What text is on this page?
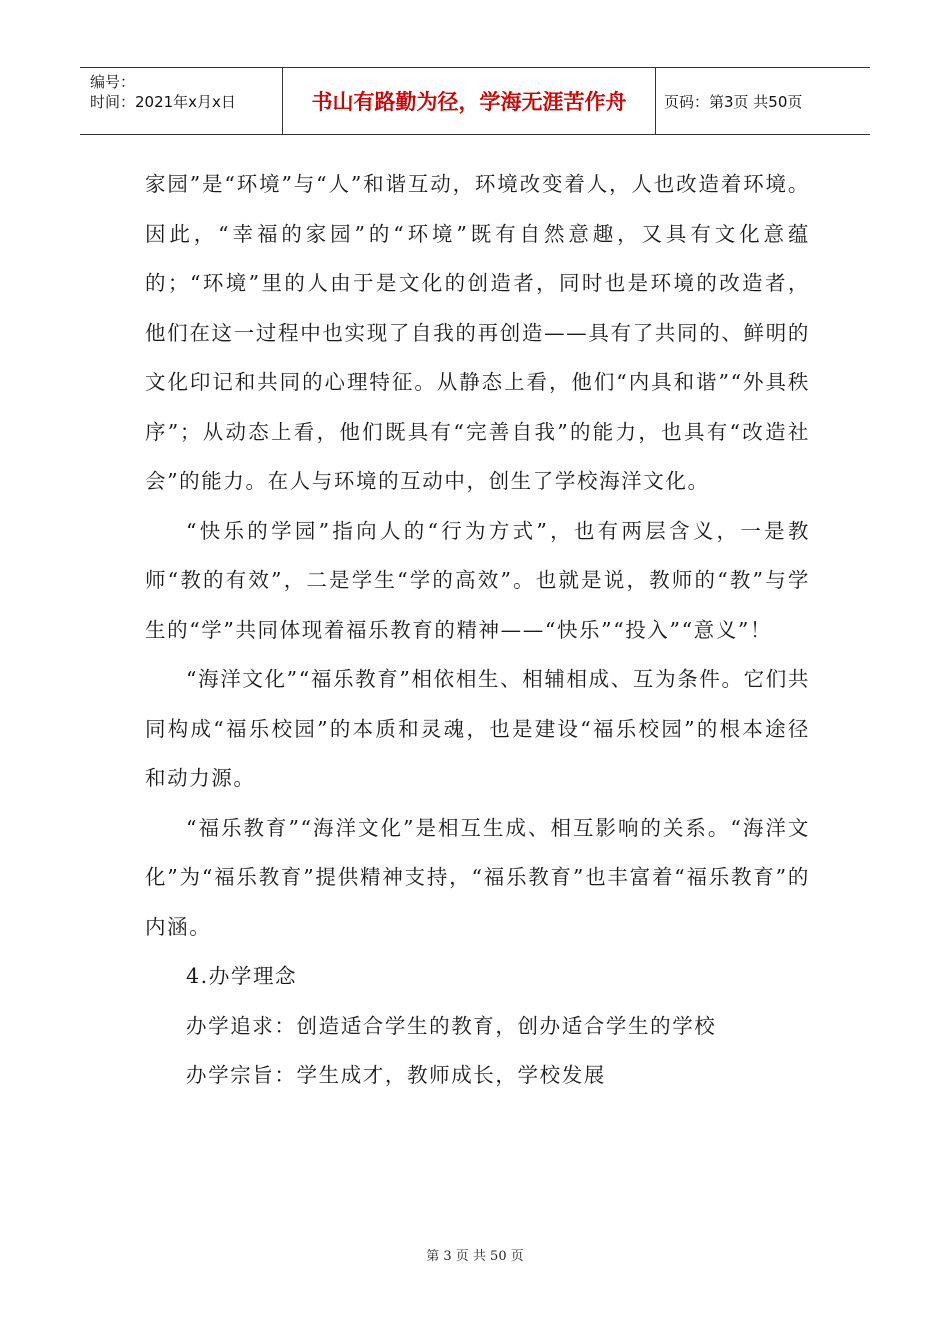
编号：
时间：2021年x月x日	书山有路勤为径，学海无涯苦作舟	页码：第3页 共50页

家园”是“环境”与“人”和谐互动，环境改变着人，人也改造着环境。因此，“幸福的家园”的“环境”既有自然意趣，又具有文化意蕴的；“环境”里的人由于是文化的创造者，同时也是环境的改造者，他们在这一过程中也实现了自我的再创造——具有了共同的、鲜明的文化印记和共同的心理特征。从静态上看，他们“内具和谐”“外具秩序”；从动态上看，他们既具有“完善自我”的能力，也具有“改造社会”的能力。在人与环境的互动中，创生了学校海洋文化。

“快乐的学园”指向人的“行为方式”，也有两层含义，一是教师“教的有效”，二是学生“学的高效”。也就是说，教师的“教”与学生的“学”共同体现着福乐教育的精神——“快乐”“投入”“意义”！

“海洋文化”“福乐教育”相依相生、相辅相成、互为条件。它们共同构成“福乐校园”的本质和灵魂，也是建设“福乐校园”的根本途径和动力源。

“福乐教育”“海洋文化”是相互生成、相互影响的关系。“海洋文化”为“福乐教育”提供精神支持，“福乐教育”也丰富着“福乐教育”的内涵。

4.办学理念

办学追求：创造适合学生的教育，创办适合学生的学校

办学宗旨：学生成才，教师成长，学校发展

第 3 页 共 50 页
